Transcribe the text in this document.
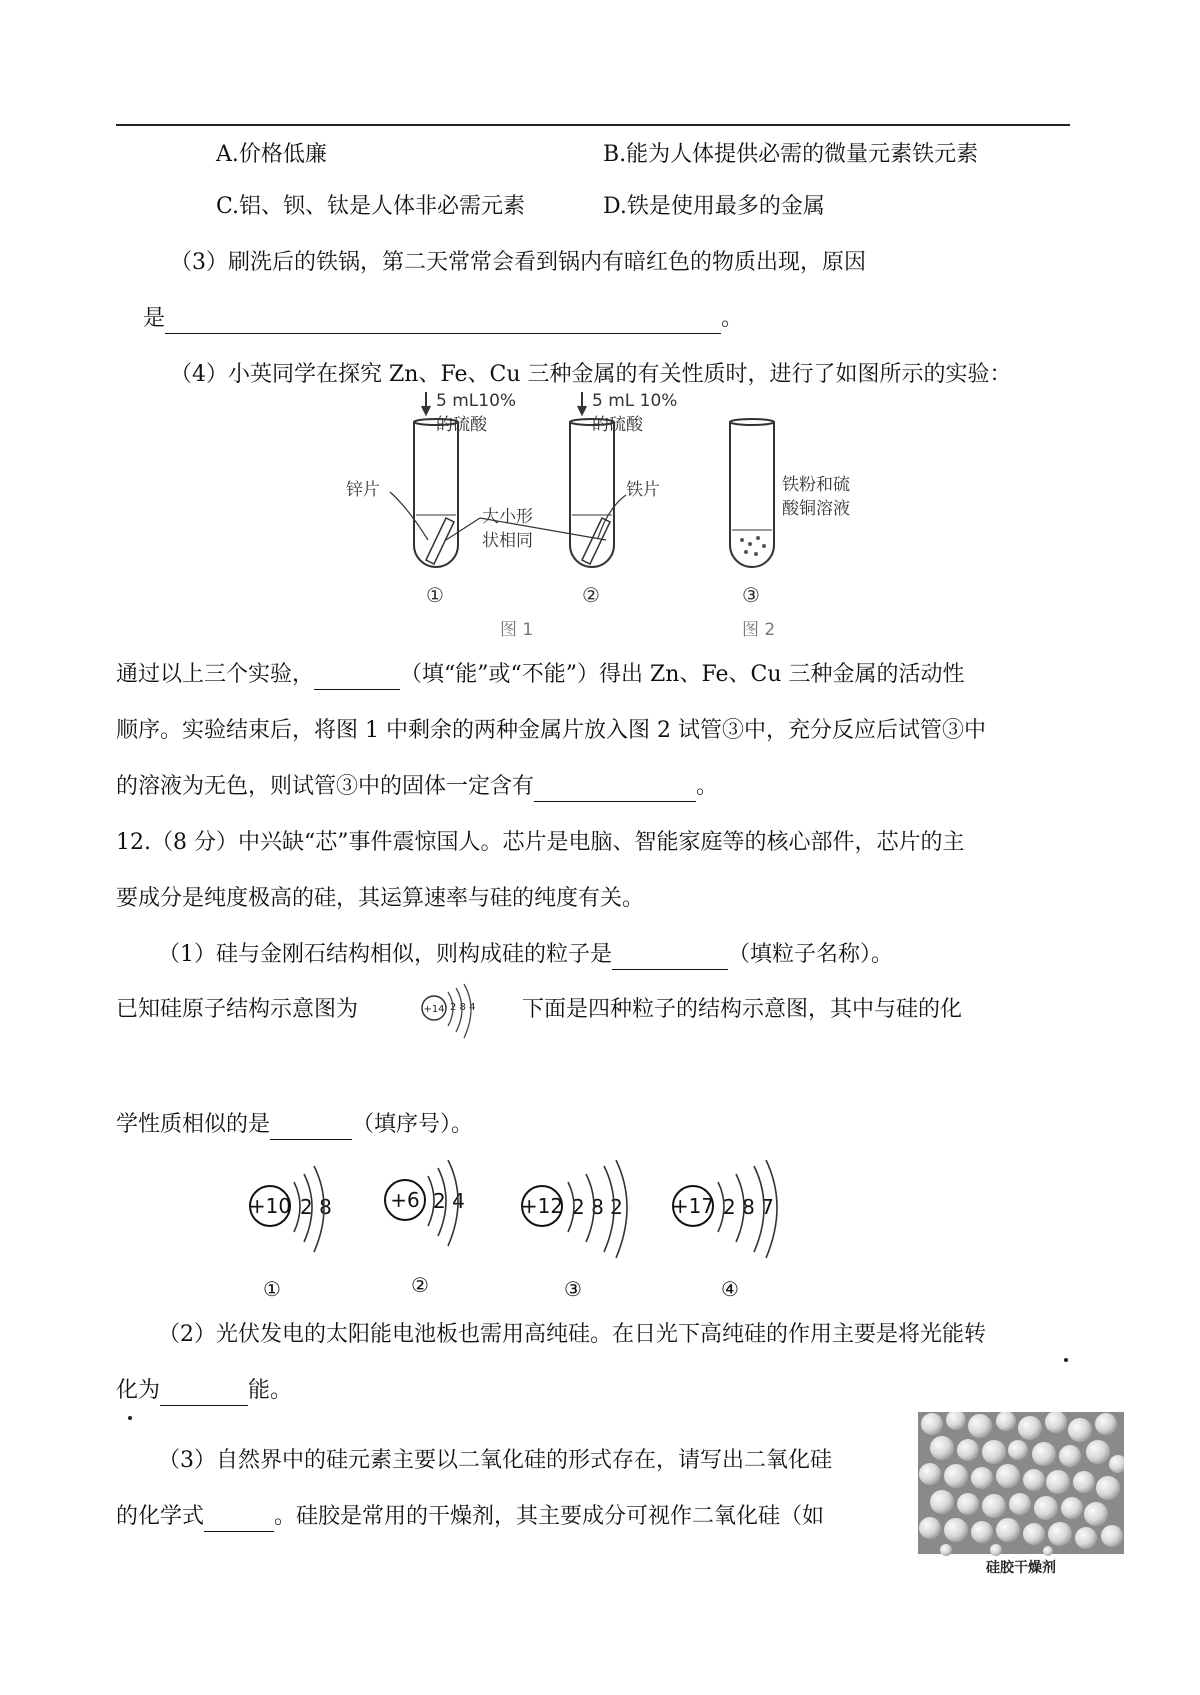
A.价格低廉	B.能为人体提供必需的微量元素铁元素
C.铝、钡、钛是人体非必需元素	D.铁是使用最多的金属
（3）刷洗后的铁锅，第二天常常会看到锅内有暗红色的物质出现，原因
是	。
（4）小英同学在探究 Zn、Fe、Cu 三种金属的有关性质时，进行了如图所示的实验：
5 mL10%
的硫酸
5 mL 10%
的硫酸
锌片	铁片
大小形
状相同
铁粉和硫
酸铜溶液
①	②	③
图 1	图 2
通过以上三个实验，	（填“能”或“不能”）得出 Zn、Fe、Cu 三种金属的活动性
顺序。实验结束后，将图 1 中剩余的两种金属片放入图 2 试管③中，充分反应后试管③中
的溶液为无色，则试管③中的固体一定含有	。
12.（8 分）中兴缺“芯”事件震惊国人。芯片是电脑、智能家庭等的核心部件，芯片的主
要成分是纯度极高的硅，其运算速率与硅的纯度有关。
（1）硅与金刚石结构相似，则构成硅的粒子是	（填粒子名称）。
已知硅原子结构示意图为	+14 2 8 4 下面是四种粒子的结构示意图，其中与硅的化
学性质相似的是	（填序号）。
+10 2 8
①
+6 2 4
②
+12 2 8 2
③
+17 2 8 7
④
（2）光伏发电的太阳能电池板也需用高纯硅。在日光下高纯硅的作用主要是将光能转
化为	能。
（3）自然界中的硅元素主要以二氧化硅的形式存在，请写出二氧化硅
的化学式	。硅胶是常用的干燥剂，其主要成分可视作二氧化硅（如
硅胶干燥剂
